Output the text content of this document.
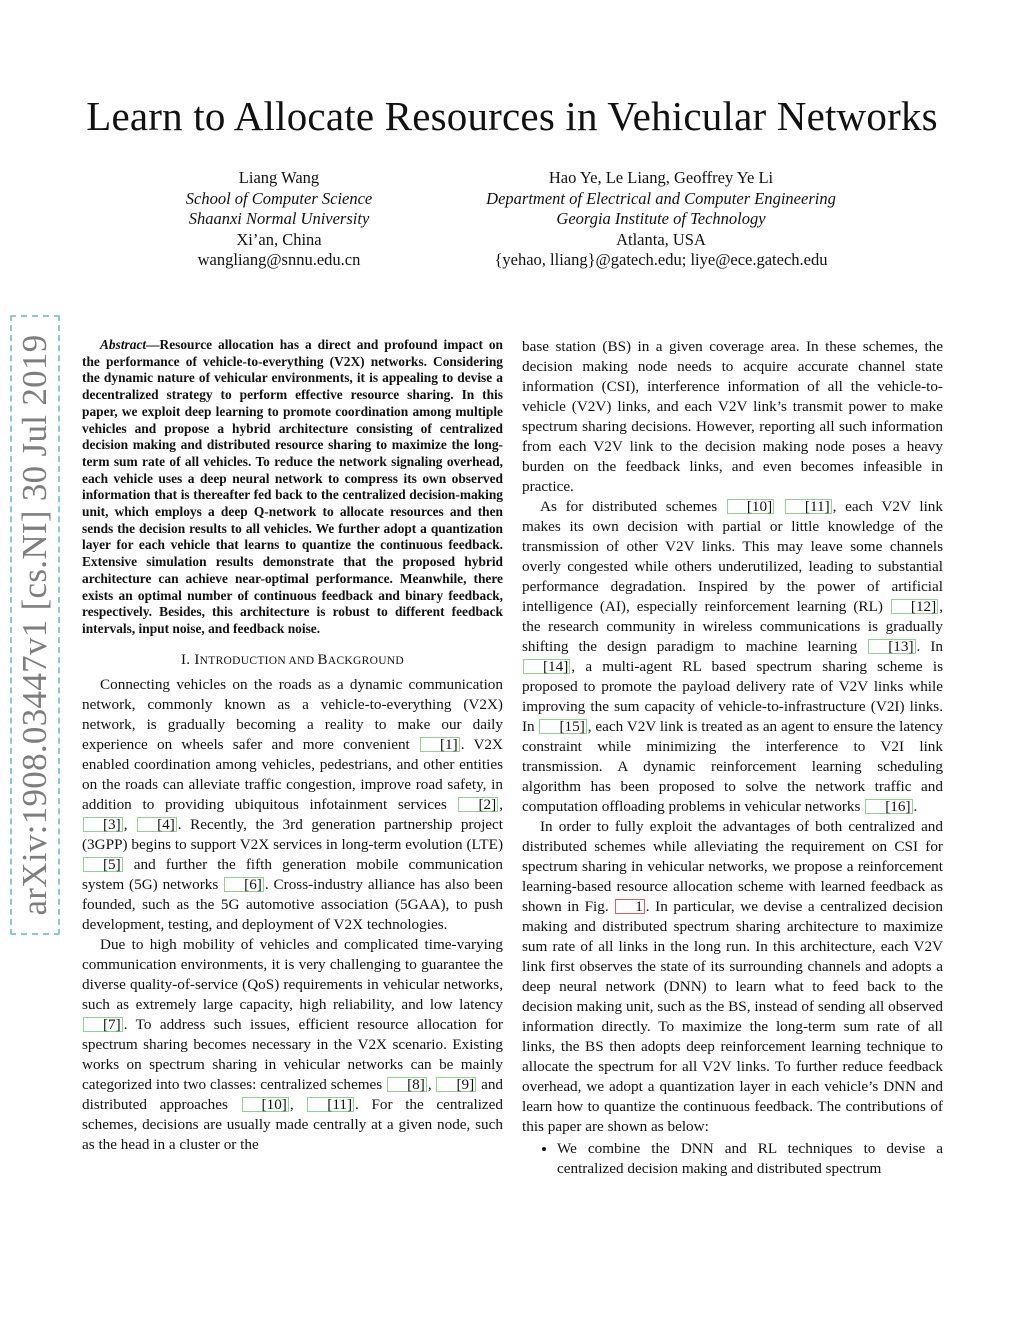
Learn to Allocate Resources in Vehicular Networks
Liang Wang
School of Computer Science
Shaanxi Normal University
Xi’an, China
wangliang@snnu.edu.cn
Hao Ye, Le Liang, Geoffrey Ye Li
Department of Electrical and Computer Engineering
Georgia Institute of Technology
Atlanta, USA
{yehao, lliang}@gatech.edu; liye@ece.gatech.edu
arXiv:1908.03447v1 [cs.NI] 30 Jul 2019	Abstract—Resource allocation has a direct and profound impact on the performance of vehicle-to-everything (V2X) networks. Considering the dynamic nature of vehicular environments, it is appealing to devise a decentralized strategy to perform effective resource sharing. In this paper, we exploit deep learning to promote coordination among multiple vehicles and propose a hybrid architecture consisting of centralized decision making and distributed resource sharing to maximize the long-term sum rate of all vehicles. To reduce the network signaling overhead, each vehicle uses a deep neural network to compress its own observed information that is thereafter fed back to the centralized decision-making unit, which employs a deep Q-network to allocate resources and then sends the decision results to all vehicles. We further adopt a quantization layer for each vehicle that learns to quantize the continuous feedback. Extensive simulation results demonstrate that the proposed hybrid architecture can achieve near-optimal performance. Meanwhile, there exists an optimal number of continuous feedback and binary feedback, respectively. Besides, this architecture is robust to different feedback intervals, input noise, and feedback noise.

I. INTRODUCTION AND BACKGROUND

Connecting vehicles on the roads as a dynamic communication network, commonly known as a vehicle-to-everything (V2X) network, is gradually becoming a reality to make our daily experience on wheels safer and more convenient [1] . V2X enabled coordination among vehicles, pedestrians, and other entities on the roads can alleviate traffic congestion, improve road safety, in addition to providing ubiquitous infotainment services [2] , [3] , [4] . Recently, the 3rd generation partnership project (3GPP) begins to support V2X services in long-term evolution (LTE) [5] and further the fifth generation mobile communication system (5G) networks [6] . Cross-industry alliance has also been founded, such as the 5G automotive association (5GAA), to push development, testing, and deployment of V2X technologies.

Due to high mobility of vehicles and complicated time-varying communication environments, it is very challenging to guarantee the diverse quality-of-service (QoS) requirements in vehicular networks, such as extremely large capacity, high reliability, and low latency [7] . To address such issues, efficient resource allocation for spectrum sharing becomes necessary in the V2X scenario. Existing works on spectrum sharing in vehicular networks can be mainly categorized into two classes: centralized schemes [8] , [9] and distributed approaches [10] , [11] . For the centralized schemes, decisions are usually made centrally at a given node, such as the head in a cluster or the

base station (BS) in a given coverage area. In these schemes, the decision making node needs to acquire accurate channel state information (CSI), interference information of all the vehicle-to-vehicle (V2V) links, and each V2V link’s transmit power to make spectrum sharing decisions. However, reporting all such information from each V2V link to the decision making node poses a heavy burden on the feedback links, and even becomes infeasible in practice.

As for distributed schemes [10] [11] , each V2V link makes its own decision with partial or little knowledge of the transmission of other V2V links. This may leave some channels overly congested while others underutilized, leading to substantial performance degradation. Inspired by the power of artificial intelligence (AI), especially reinforcement learning (RL) [12] , the research community in wireless communications is gradually shifting the design paradigm to machine learning [13] . In [14] , a multi-agent RL based spectrum sharing scheme is proposed to promote the payload delivery rate of V2V links while improving the sum capacity of vehicle-to-infrastructure (V2I) links. In [15] , each V2V link is treated as an agent to ensure the latency constraint while minimizing the interference to V2I link transmission. A dynamic reinforcement learning scheduling algorithm has been proposed to solve the network traffic and computation offloading problems in vehicular networks [16] .

In order to fully exploit the advantages of both centralized and distributed schemes while alleviating the requirement on CSI for spectrum sharing in vehicular networks, we propose a reinforcement learning-based resource allocation scheme with learned feedback as shown in Fig. 1 . In particular, we devise a centralized decision making and distributed spectrum sharing architecture to maximize sum rate of all links in the long run. In this architecture, each V2V link first observes the state of its surrounding channels and adopts a deep neural network (DNN) to learn what to feed back to the decision making unit, such as the BS, instead of sending all observed information directly. To maximize the long-term sum rate of all links, the BS then adopts deep reinforcement learning technique to allocate the spectrum for all V2V links. To further reduce feedback overhead, we adopt a quantization layer in each vehicle’s DNN and learn how to quantize the continuous feedback. The contributions of this paper are shown as below:

• We combine the DNN and RL techniques to devise a centralized decision making and distributed spectrum
